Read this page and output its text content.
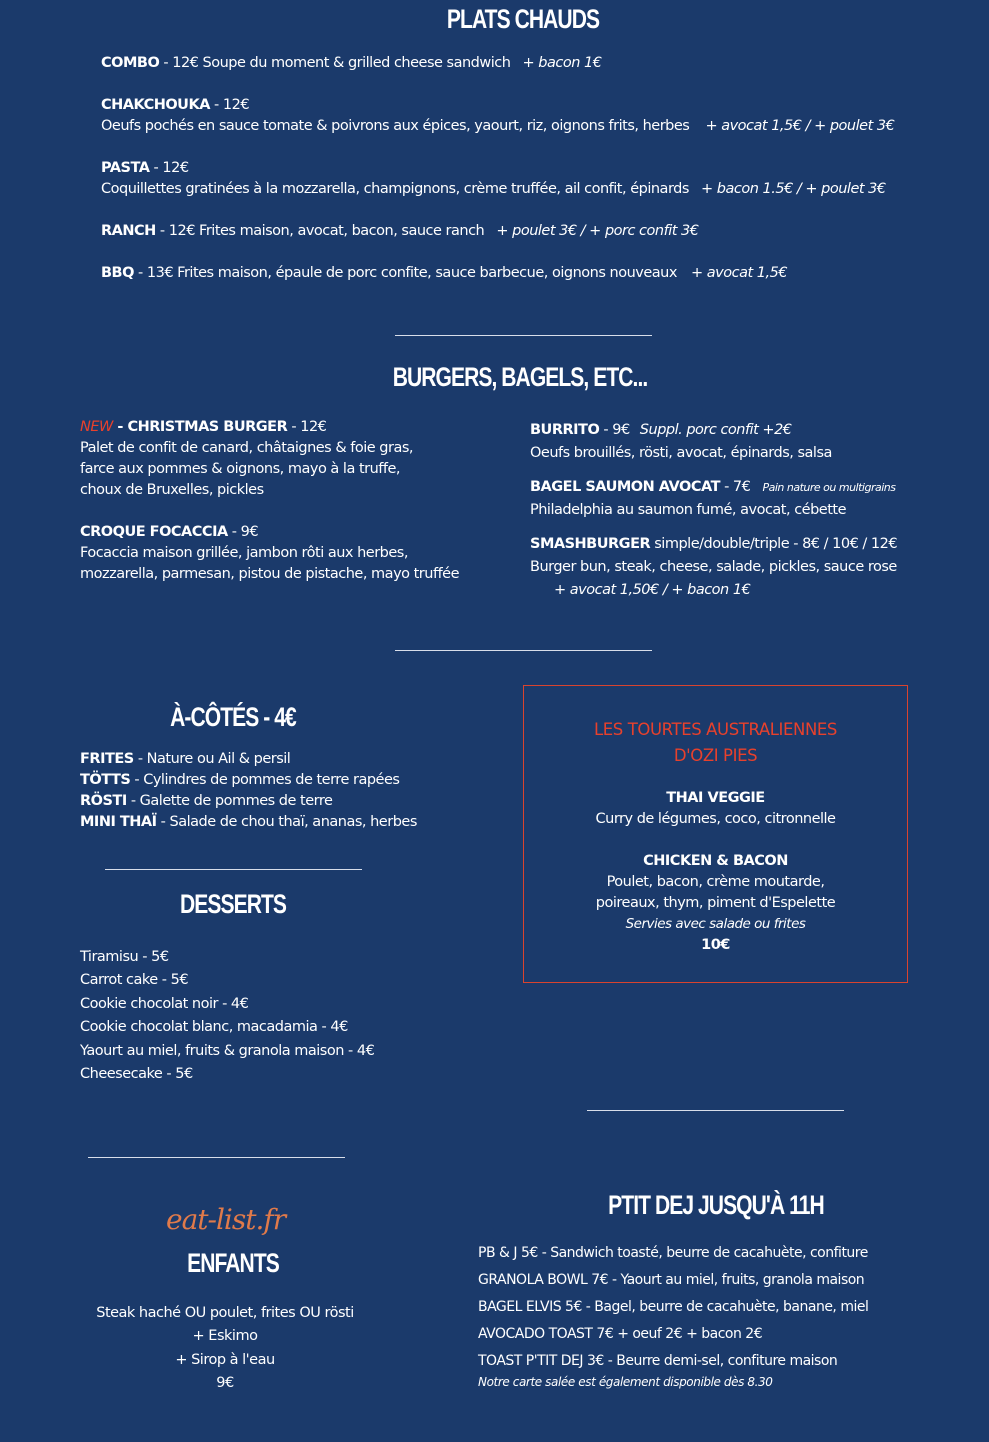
PLATS CHAUDS
COMBO - 12€ Soupe du moment & grilled cheese sandwich + bacon 1€
CHAKCHOUKA - 12€
Oeufs pochés en sauce tomate & poivrons aux épices, yaourt, riz, oignons frits, herbes + avocat 1,5€ / + poulet 3€
PASTA - 12€
Coquillettes gratinées à la mozzarella, champignons, crème truffée, ail confit, épinards + bacon 1.5€ / + poulet 3€
RANCH - 12€ Frites maison, avocat, bacon, sauce ranch + poulet 3€ / + porc confit 3€
BBQ - 13€ Frites maison, épaule de porc confite, sauce barbecue, oignons nouveaux + avocat 1,5€
BURGERS, BAGELS, ETC...
NEW - CHRISTMAS BURGER - 12€
Palet de confit de canard, châtaignes & foie gras,
farce aux pommes & oignons, mayo à la truffe,
choux de Bruxelles, pickles
CROQUE FOCACCIA - 9€
Focaccia maison grillée, jambon rôti aux herbes,
mozzarella, parmesan, pistou de pistache, mayo truffée
BURRITO - 9€ Suppl. porc confit +2€
Oeufs brouillés, rösti, avocat, épinards, salsa
BAGEL SAUMON AVOCAT - 7€ Pain nature ou multigrains
Philadelphia au saumon fumé, avocat, cébette
SMASHBURGER simple/double/triple - 8€ / 10€ / 12€
Burger bun, steak, cheese, salade, pickles, sauce rose
+ avocat 1,50€ / + bacon 1€
À-CÔTÉS - 4€
FRITES - Nature ou Ail & persil
TÖTTS - Cylindres de pommes de terre rapées
RÖSTI - Galette de pommes de terre
MINI THAÏ - Salade de chou thaï, ananas, herbes
DESSERTS
Tiramisu - 5€
Carrot cake - 5€
Cookie chocolat noir - 4€
Cookie chocolat blanc, macadamia - 4€
Yaourt au miel, fruits & granola maison - 4€
Cheesecake - 5€
LES TOURTES AUSTRALIENNES
D'OZI PIES
THAI VEGGIE
Curry de légumes, coco, citronnelle
CHICKEN & BACON
Poulet, bacon, crème moutarde,
poireaux, thym, piment d'Espelette
Servies avec salade ou frites
10€
eat-list.fr
ENFANTS
Steak haché OU poulet, frites OU rösti
+ Eskimo
+ Sirop à l'eau
9€
PTIT DEJ JUSQU'À 11H
PB & J 5€ - Sandwich toasté, beurre de cacahuète, confiture
GRANOLA BOWL 7€ - Yaourt au miel, fruits, granola maison
BAGEL ELVIS 5€ - Bagel, beurre de cacahuète, banane, miel
AVOCADO TOAST 7€ + oeuf 2€ + bacon 2€
TOAST P'TIT DEJ 3€ - Beurre demi-sel, confiture maison
Notre carte salée est également disponible dès 8.30
